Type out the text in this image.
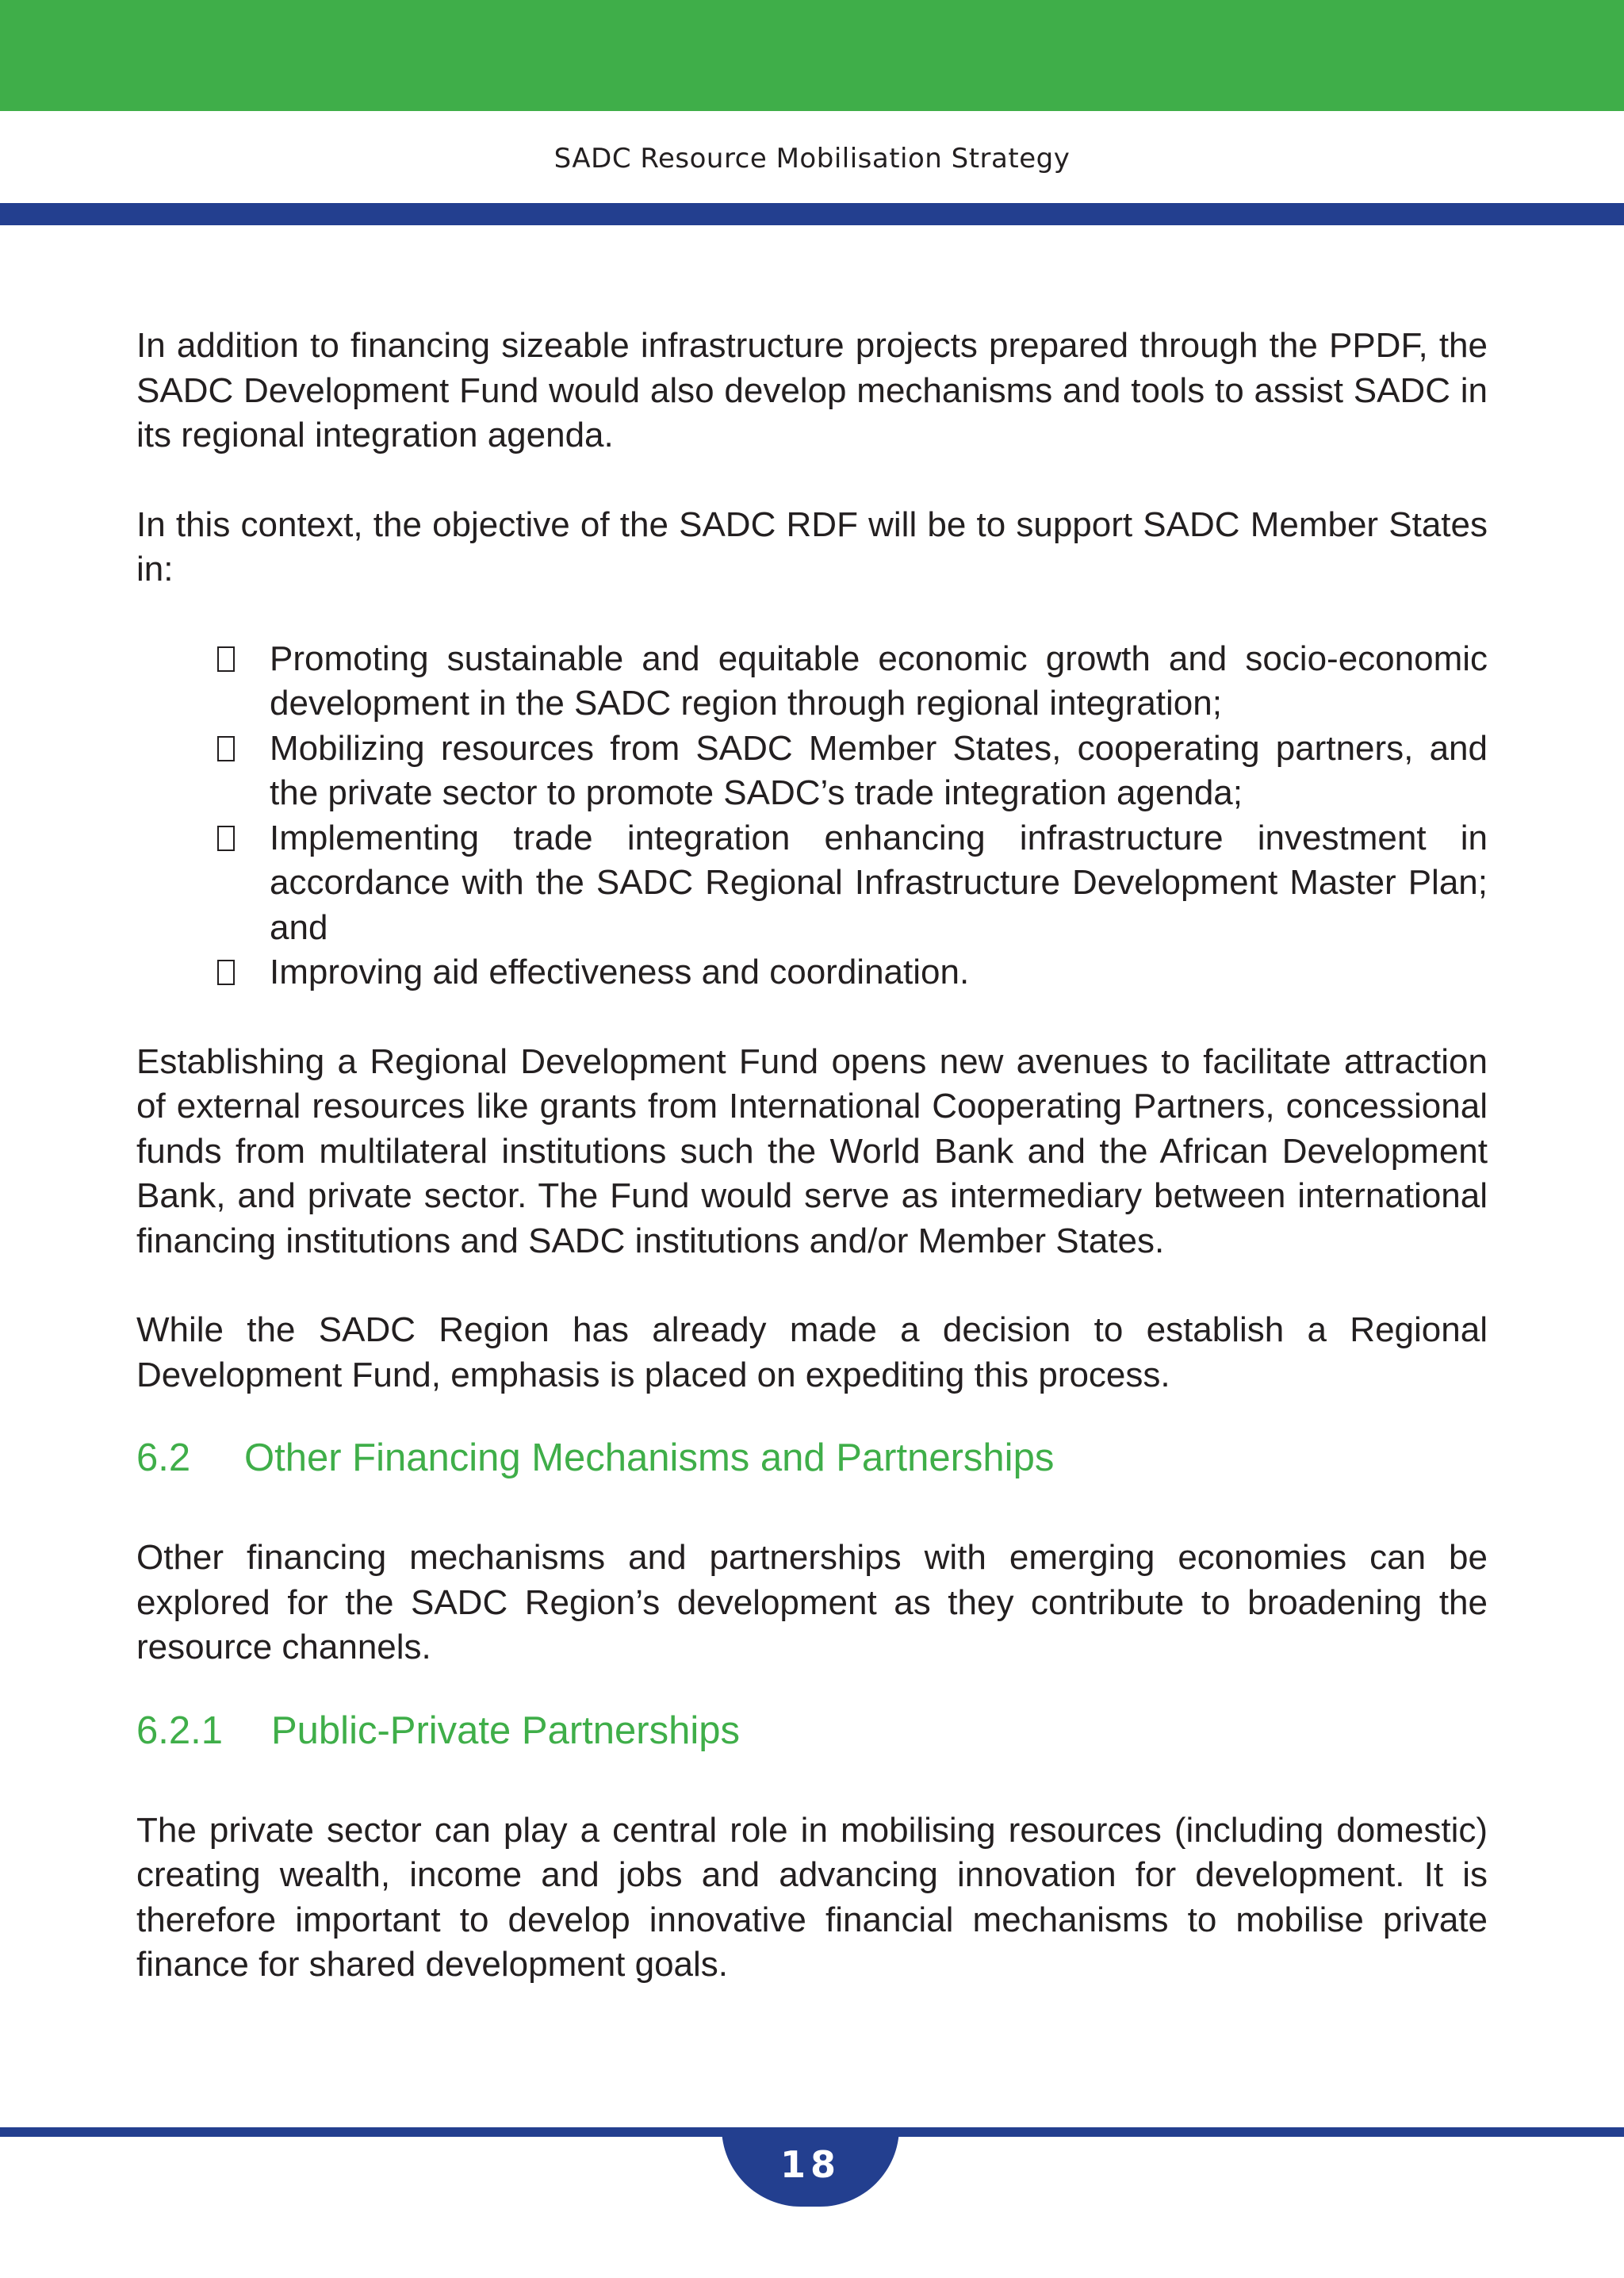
SADC Resource Mobilisation Strategy

In addition to financing sizeable infrastructure projects prepared through the PPDF, the SADC Development Fund would also develop mechanisms and tools to assist SADC in its regional integration agenda.

In this context, the objective of the SADC RDF will be to support SADC Member States in:

Promoting sustainable and equitable economic growth and socio-economic development in the SADC region through regional integration;
Mobilizing resources from SADC Member States, cooperating partners, and the private sector to promote SADC’s trade integration agenda;
Implementing trade integration enhancing infrastructure investment in accordance with the SADC Regional Infrastructure Development Master Plan; and
Improving aid effectiveness and coordination.

Establishing a Regional Development Fund opens new avenues to facilitate attraction of external resources like grants from International Cooperating Partners, concessional funds from multilateral institutions such the World Bank and the African Development Bank, and private sector. The Fund would serve as intermediary between international financing institutions and SADC institutions and/or Member States.

While the SADC Region has already made a decision to establish a Regional Development Fund, emphasis is placed on expediting this process.

6.2 Other Financing Mechanisms and Partnerships

Other financing mechanisms and partnerships with emerging economies can be explored for the SADC Region’s development as they contribute to broadening the resource channels.

6.2.1 Public-Private Partnerships

The private sector can play a central role in mobilising resources (including domestic) creating wealth, income and jobs and advancing innovation for development. It is therefore important to develop innovative financial mechanisms to mobilise private finance for shared development goals.

18
